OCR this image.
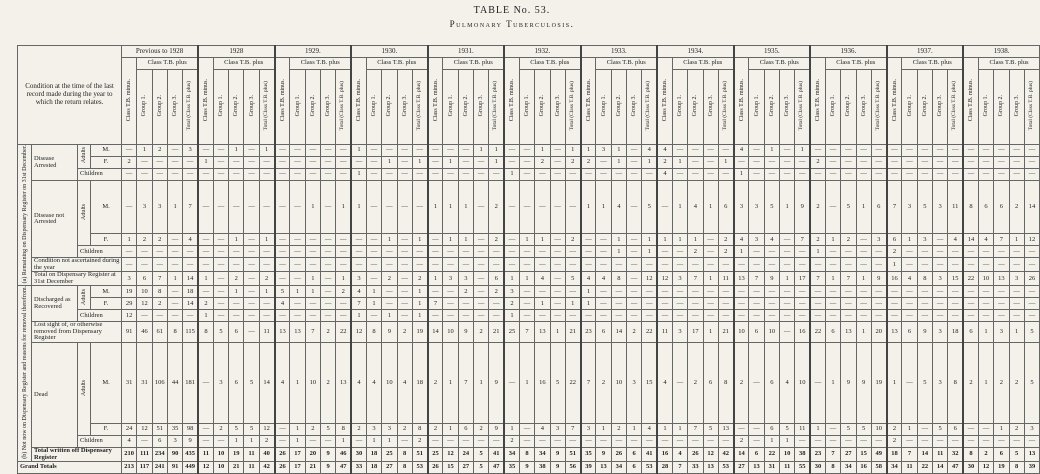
TABLE No. 53.
Pulmonary Tuberculosis.
Condition at the time of the last record made during the year to which the return relates.				Previous to 1928					1928					1929.					1930.					1931.					1932.					1933.					1934.					1935.					1936.					1937.					1938.				
				Class T.B. minus.	Class T.B. plus				Class T.B. minus.	Class T.B. plus				Class T.B. minus.	Class T.B. plus				Class T.B. minus.	Class T.B. plus				Class T.B. minus.	Class T.B. plus				Class T.B. minus.	Class T.B. plus				Class T.B. minus.	Class T.B. plus				Class T.B. minus.	Class T.B. plus				Class T.B. minus.	Class T.B. plus				Class T.B. minus.	Class T.B. plus				Class T.B. minus.	Class T.B. plus				Class T.B. minus.	Class T.B. plus			
					Group 1.	Group 2.	Group 3.	Total (Class T.B. plus)		Group 1.	Group 2.	Group 3.	Total (Class T.B. plus)		Group 1.	Group 2.	Group 3.	Total (Class T.B. plus)		Group 1.	Group 2.	Group 3.	Total (Class T.B. plus)		Group 1.	Group 2.	Group 3.	Total (Class T.B. plus)		Group 1.	Group 2.	Group 3.	Total (Class T.B. plus)		Group 1.	Group 2.	Group 3.	Total (Class T.B. plus)		Group 1.	Group 2.	Group 3.	Total (Class T.B. plus)		Group 1.	Group 2.	Group 3.	Total (Class T.B. plus)		Group 1.	Group 2.	Group 3.	Total (Class T.B. plus)		Group 1.	Group 2.	Group 3.	Total (Class T.B. plus)		Group 1.	Group 2.	Group 3.	Total (Class T.B. plus)
(a) Remaining on Dispensary Register on 31st December.	Disease Arrested	Adults	M.	—	1	2	—	3	—	—	1	—	1	—	—	—	—	—	1	—	—	—	—	—	—	—	1	1	—	—	1	—	1	1	3	1	—	4	4	—	—	—	—	4	—	1	—	1	—	—	—	—	—	—	—	—	—	—	—	—	—	—	—
			F.	2	—	—	—	—	1	—	—	—	—	—	—	—	—	—	—	—	1	—	1	—	1	—	—	1	—	—	2	—	2	2	—	1	—	1	2	1	—	—	1	—	—	—	—	—	2	—	—	—	—	—	—	—	—	—	—	—	—	—	—
		Children		—	—	—	—	—	—	—	—	—	—	—	—	—	—	—	1	—	—	—	—	—	—	—	—	—	1	—	—	—	—	—	—	—	—	—	4	—	—	—	—	1	—	—	—	—	—	—	—	—	—	—	—	—	—	—	—	—	—	—	—
	Disease not Arrested	Adults	M.	—	3	3	1	7	—	—	—	—	—	—	—	1	—	1	1	—	—	—	—	1	1	1	—	2	—	—	—	—	—	1	1	4	—	5	—	1	4	1	6	3	3	5	1	9	2	—	5	1	6	7	3	5	3	11	8	6	6	2	14
			F.	1	2	2	—	4	—	—	1	—	1	—	—	—	—	—	—	—	1	—	1	—	1	1	—	2	—	1	1	—	2	—	—	1	—	1	1	1	1	—	2	4	3	4	—	7	2	1	2	—	3	6	1	3	—	4	14	4	7	1	12
		Children		—	—	—	—	—	—	—	—	—	—	—	—	—	—	—	—	—	—	—	—	—	—	—	—	—	—	—	—	—	—	—	—	1	—	1	—	—	2	—	2	1	—	—	—	—	1	—	—	—	—	2	—	—	—	—	—	—	—	—	—
	Condition not ascertained during the year			—	—	—	—	—	—	—	—	—	—	—	—	—	—	—	—	—	—	—	—	—	—	—	—	—	—	—	—	—	—	—	—	—	—	—	—	—	—	—	—	—	—	—	—	—	—	—	—	—	—	1	—	—	—	—	—	—	—	—	—
	Total on Dispensary Register at 31st December			3	6	7	1	14	1	—	2	—	2	—	—	1	—	1	3	—	2	—	2	1	3	3	—	6	1	1	4	—	5	4	4	8	—	12	12	3	7	1	11	13	7	9	1	17	7	1	7	1	9	16	4	8	3	15	22	10	13	3	26
(b) Not now on Dispensary Register and reasons for removal therefrom.	Discharged as Recovered	Adults	M.	19	10	8	—	18	—	—	1	—	1	5	1	1	—	2	4	1	—	—	1	—	—	2	—	2	3	—	—	—	—	1	—	—	—	—	—	—	—	—	—	—	—	—	—	—	—	—	—	—	—	—	—	—	—	—	—	—	—	—	—
			F.	29	12	2	—	14	2	—	—	—	—	4	—	—	—	—	7	1	—	—	1	7	—	—	—	—	2	—	1	—	1	1	—	—	—	—	—	—	—	—	—	—	—	—	—	—	—	—	—	—	—	—	—	—	—	—	—	—	—	—	—
		Children		12	—	—	—	—	1	—	—	—	—	—	—	—	—	—	1	—	1	—	1	—	—	—	—	—	1	—	—	—	—	—	—	—	—	—	—	—	—	—	—	—	—	—	—	—	—	—	—	—	—	—	—	—	—	—	—	—	—	—	—
	Lost sight of, or otherwise removed from Dispensary Register			91	46	61	8	115	8	5	6	—	11	13	13	7	2	22	12	8	9	2	19	14	10	9	2	21	25	7	13	1	21	23	6	14	2	22	11	3	17	1	21	10	6	10	—	16	22	6	13	1	20	13	6	9	3	18	6	1	3	1	5
	Dead	Adults	M.	31	31	106	44	181	—	3	6	5	14	4	1	10	2	13	4	4	10	4	18	2	1	7	1	9	—	1	16	5	22	7	2	10	3	15	4	—	2	6	8	2	—	6	4	10	—	1	9	9	19	1	—	5	3	8	2	1	2	2	5
			F.	24	12	51	35	98	—	2	5	5	12	—	1	2	5	8	2	3	3	2	8	2	1	6	2	9	1	—	4	3	7	3	1	2	1	4	1	1	7	5	13	—	—	6	5	11	1	—	5	5	10	2	1	—	5	6	—	—	1	2	3
		Children		4	—	6	3	9	—	—	1	1	2	—	1	—	—	1	—	1	1	—	2	—	—	—	—	—	2	—	—	—	—	—	—	—	—	—	—	—	—	—	—	2	—	1	1	—	—	—	—	—	—	2	—	—	—	—	—	—	—	—	—
	Total written off Dispensary Register			210	111	234	90	435	11	10	19	11	40	26	17	20	9	46	30	18	25	8	51	25	12	24	5	41	34	8	34	9	51	35	9	26	6	41	16	4	26	12	42	14	6	22	10	38	23	7	27	15	49	18	7	14	11	32	8	2	6	5	13
Grand Totals				213	117	241	91	449	12	10	21	11	42	26	17	21	9	47	33	18	27	8	53	26	15	27	5	47	35	9	38	9	56	39	13	34	6	53	28	7	33	13	53	27	13	31	11	55	30	8	34	16	58	34	11	22	14	47	30	12	19	8	39
